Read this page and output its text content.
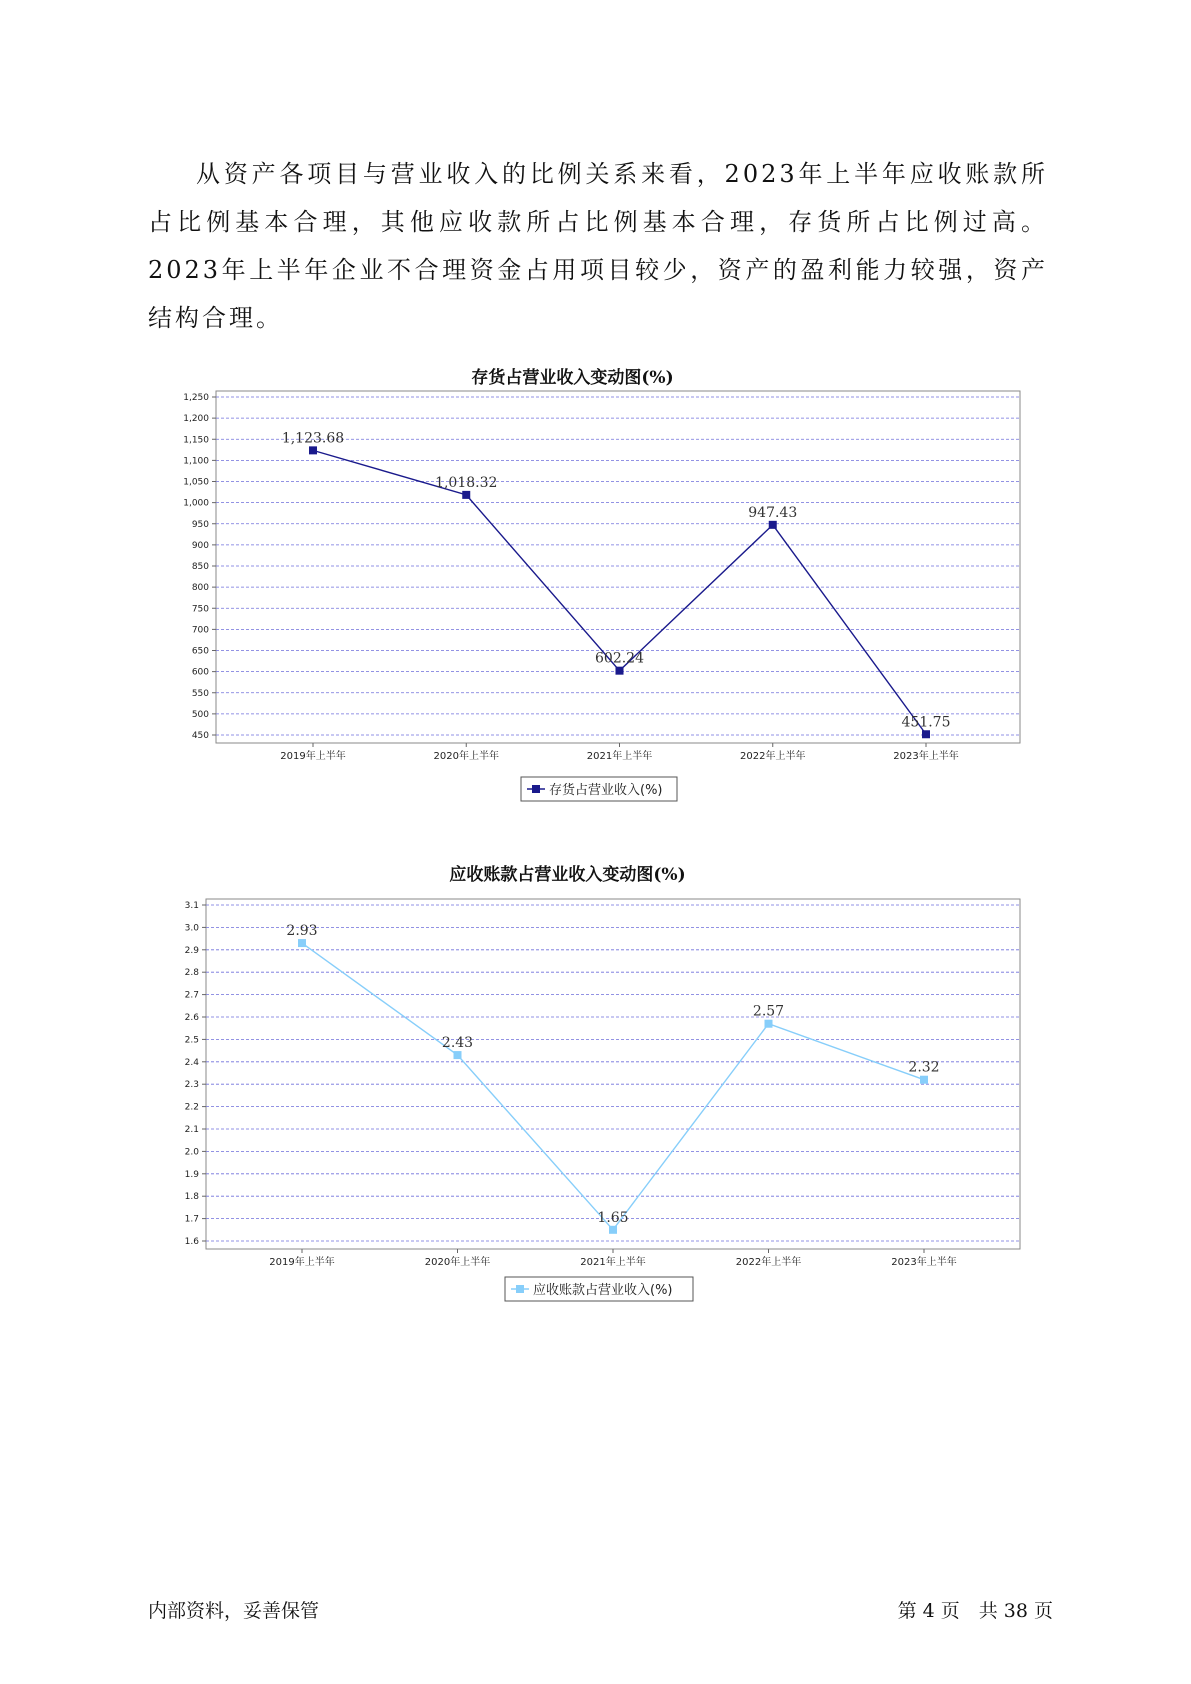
从资产各项目与营业收入的比例关系来看，2023年上半年应收账款所占比例基本合理，其他应收款所占比例基本合理，存货所占比例过高。2023年上半年企业不合理资金占用项目较少，资产的盈利能力较强，资产结构合理。

存货占营业收入变动图(%)
450
500
550
600
650
700
750
800
850
900
950
1,000
1,050
1,100
1,150
1,200
1,250
2019年上半年	2020年上半年	2021年上半年	2022年上半年	2023年上半年
1,123.68
1,018.32
602.24
947.43
451.75
存货占营业收入(%)
应收账款占营业收入变动图(%)
1.6
1.7
1.8
1.9
2.0
2.1
2.2
2.3
2.4
2.5
2.6
2.7
2.8
2.9
3.0
3.1
2019年上半年	2020年上半年	2021年上半年	2022年上半年	2023年上半年
2.93
2.43
1.65
2.57
2.32
应收账款占营业收入(%)
内部资料，妥善保管	第 4 页　共 38 页
